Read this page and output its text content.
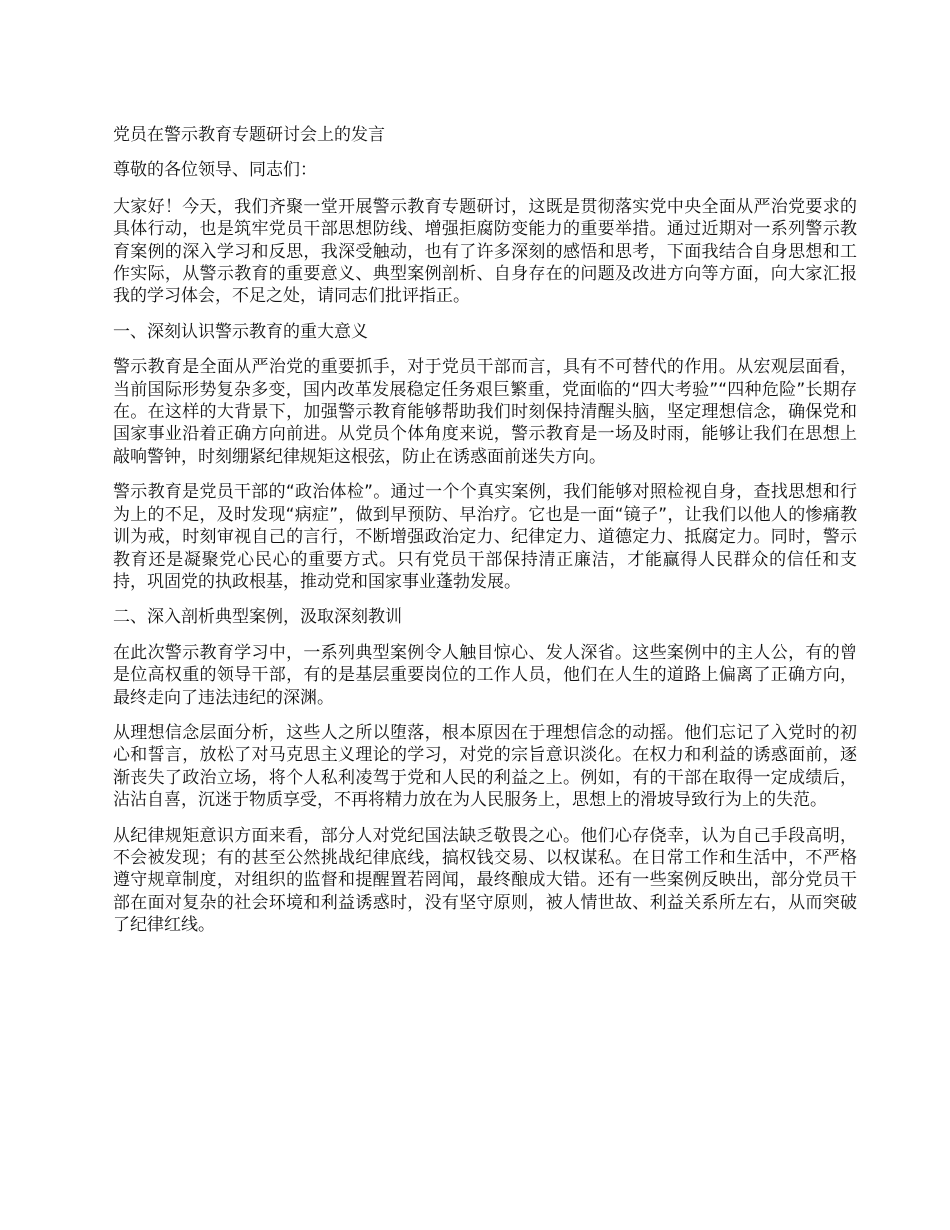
党员在警示教育专题研讨会上的发言
尊敬的各位领导、同志们：

大家好！今天，我们齐聚一堂开展警示教育专题研讨，这既是贯彻落实党中央全面从严治党要求的具体行动，也是筑牢党员干部思想防线、增强拒腐防变能力的重要举措。通过近期对一系列警示教育案例的深入学习和反思，我深受触动，也有了许多深刻的感悟和思考，下面我结合自身思想和工作实际，从警示教育的重要意义、典型案例剖析、自身存在的问题及改进方向等方面，向大家汇报我的学习体会，不足之处，请同志们批评指正。

一、深刻认识警示教育的重大意义

警示教育是全面从严治党的重要抓手，对于党员干部而言，具有不可替代的作用。从宏观层面看，当前国际形势复杂多变，国内改革发展稳定任务艰巨繁重，党面临的“四大考验”“四种危险”长期存在。在这样的大背景下，加强警示教育能够帮助我们时刻保持清醒头脑，坚定理想信念，确保党和国家事业沿着正确方向前进。从党员个体角度来说，警示教育是一场及时雨，能够让我们在思想上敲响警钟，时刻绷紧纪律规矩这根弦，防止在诱惑面前迷失方向。

警示教育是党员干部的“政治体检”。通过一个个真实案例，我们能够对照检视自身，查找思想和行为上的不足，及时发现“病症”，做到早预防、早治疗。它也是一面“镜子”，让我们以他人的惨痛教训为戒，时刻审视自己的言行，不断增强政治定力、纪律定力、道德定力、抵腐定力。同时，警示教育还是凝聚党心民心的重要方式。只有党员干部保持清正廉洁，才能赢得人民群众的信任和支持，巩固党的执政根基，推动党和国家事业蓬勃发展。

二、深入剖析典型案例，汲取深刻教训

在此次警示教育学习中，一系列典型案例令人触目惊心、发人深省。这些案例中的主人公，有的曾是位高权重的领导干部，有的是基层重要岗位的工作人员，他们在人生的道路上偏离了正确方向，最终走向了违法违纪的深渊。

从理想信念层面分析，这些人之所以堕落，根本原因在于理想信念的动摇。他们忘记了入党时的初心和誓言，放松了对马克思主义理论的学习，对党的宗旨意识淡化。在权力和利益的诱惑面前，逐渐丧失了政治立场，将个人私利凌驾于党和人民的利益之上。例如，有的干部在取得一定成绩后，沾沾自喜，沉迷于物质享受，不再将精力放在为人民服务上，思想上的滑坡导致行为上的失范。

从纪律规矩意识方面来看，部分人对党纪国法缺乏敬畏之心。他们心存侥幸，认为自己手段高明，不会被发现；有的甚至公然挑战纪律底线，搞权钱交易、以权谋私。在日常工作和生活中，不严格遵守规章制度，对组织的监督和提醒置若罔闻，最终酿成大错。还有一些案例反映出，部分党员干部在面对复杂的社会环境和利益诱惑时，没有坚守原则，被人情世故、利益关系所左右，从而突破了纪律红线。
